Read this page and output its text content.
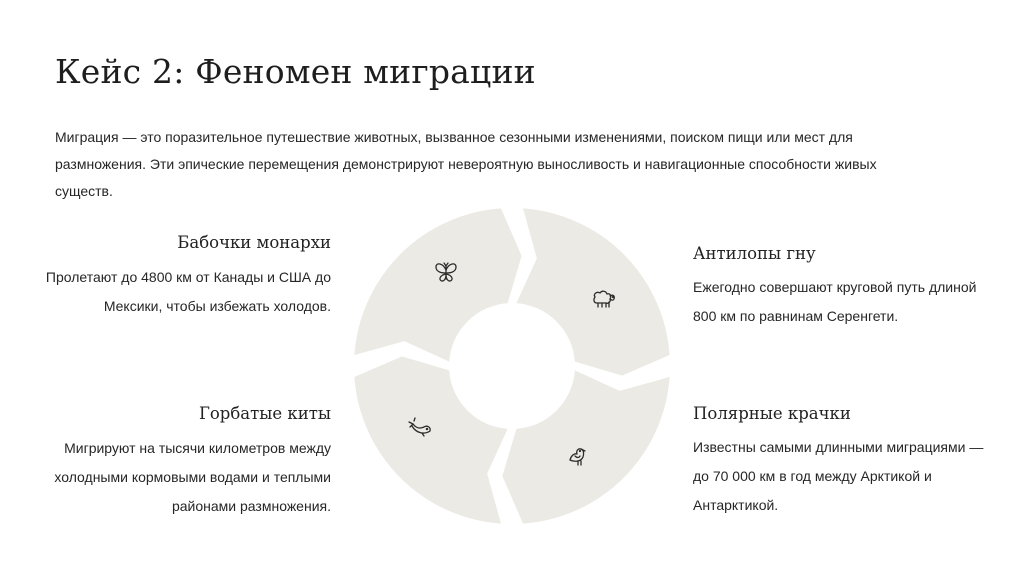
Кейс 2: Феномен миграции
Миграция — это поразительное путешествие животных, вызванное сезонными изменениями, поиском пищи или мест для размножения. Эти эпические перемещения демонстрируют невероятную выносливость и навигационные способности живых существ.
Бабочки монархи

Пролетают до 4800 км от Канады и США до Мексики, чтобы избежать холодов.

Горбатые киты

Мигрируют на тысячи километров между холодными кормовыми водами и теплыми районами размножения.

Антилопы гну

Ежегодно совершают круговой путь длиной 800 км по равнинам Серенгети.

Полярные крачки

Известны самыми длинными миграциями — до 70 000 км в год между Арктикой и Антарктикой.
